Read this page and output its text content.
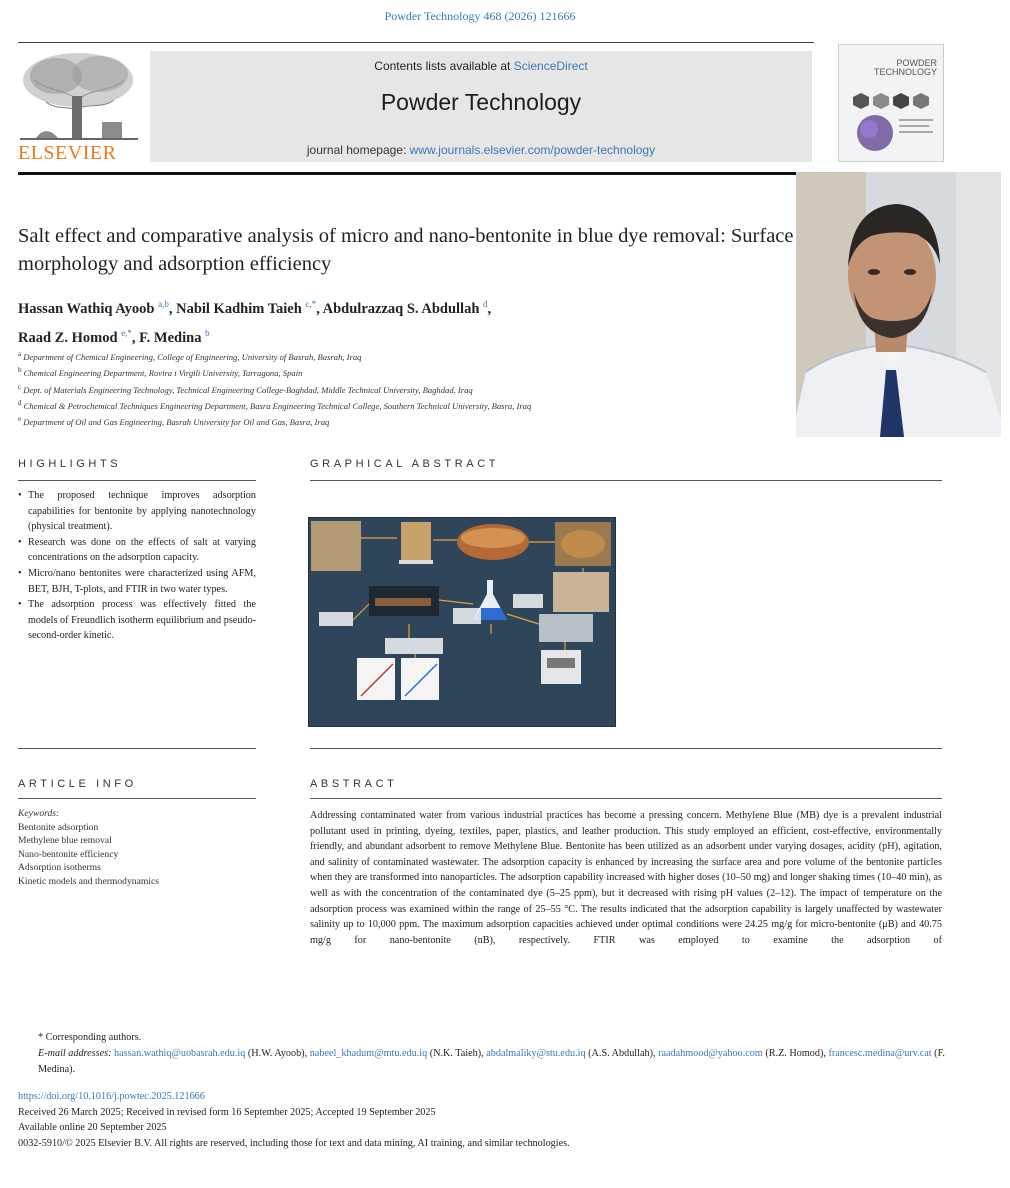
Powder Technology 468 (2026) 121666
ELSEVIER
Contents lists available at ScienceDirect
Powder Technology
journal homepage: www.journals.elsevier.com/powder-technology
POWDER
TECHNOLOGY
Salt effect and comparative analysis of micro and nano-bentonite in blue dye removal: Surface morphology and adsorption efficiency
Hassan Wathiq Ayoob $^{a,b}$, Nabil Kadhim Taieh $^{c,*}$, Abdulrazzaq S. Abdullah $^d$,
Raad Z. Homod $^{e,*}$, F. Medina $^b$
$^a$ Department of Chemical Engineering, College of Engineering, University of Basrah, Basrah, Iraq
$^b$ Chemical Engineering Department, Rovira i Virgili University, Tarragona, Spain
$^c$ Dept. of Materials Engineering Technology, Technical Engineering College-Baghdad, Middle Technical University, Baghdad, Iraq
$^d$ Chemical & Petrochemical Techniques Engineering Department, Basra Engineering Technical College, Southern Technical University, Basra, Iraq
$^e$ Department of Oil and Gas Engineering, Basrah University for Oil and Gas, Basra, Iraq
HIGHLIGHTS
• The proposed technique improves adsorption capabilities for bentonite by applying nanotechnology (physical treatment).
• Research was done on the effects of salt at varying concentrations on the adsorption capacity.
• Micro/nano bentonites were characterized using AFM, BET, BJH, T-plots, and FTIR in two water types.
• The adsorption process was effectively fitted the models of Freundlich isotherm equilibrium and pseudo-second-order kinetic.
GRAPHICAL ABSTRACT
ARTICLE INFO
Keywords:
Bentonite adsorption
Methylene blue removal
Nano-bentonite efficiency
Adsorption isotherms
Kinetic models and thermodynamics
ABSTRACT
Addressing contaminated water from various industrial practices has become a pressing concern. Methylene Blue (MB) dye is a prevalent industrial pollutant used in printing, dyeing, textiles, paper, plastics, and leather production. This study employed an efficient, cost-effective, environmentally friendly, and abundant adsorbent to remove Methylene Blue. Bentonite has been utilized as an adsorbent under varying dosages, acidity (pH), agitation, and salinity of contaminated wastewater. The adsorption capacity is enhanced by increasing the surface area and pore volume of the bentonite particles when they are transformed into nanoparticles. The adsorption capability increased with higher doses (10–50 mg) and longer shaking times (10–40 min), as well as with the concentration of the contaminated dye (5–25 ppm), but it decreased with rising pH values (2–12). The impact of temperature on the adsorption process was examined within the range of 25–55 °C. The results indicated that the adsorption capability is largely unaffected by wastewater salinity up to 10,000 ppm. The maximum adsorption capacities achieved under optimal conditions were 24.25 mg/g for micro-bentonite (μB) and 40.75 mg/g for nano-bentonite (nB), respectively. FTIR was employed to examine the adsorption of
* Corresponding authors.
E-mail addresses: hassan.wathiq@uobasrah.edu.iq (H.W. Ayoob), nabeel_khadum@mtu.edu.iq (N.K. Taieh), abdalmaliky@stu.edu.iq (A.S. Abdullah), raadahmood@yahoo.com (R.Z. Homod), francesc.medina@urv.cat (F. Medina).
https://doi.org/10.1016/j.powtec.2025.121666
Received 26 March 2025; Received in revised form 16 September 2025; Accepted 19 September 2025
Available online 20 September 2025
0032-5910/© 2025 Elsevier B.V. All rights are reserved, including those for text and data mining, AI training, and similar technologies.
